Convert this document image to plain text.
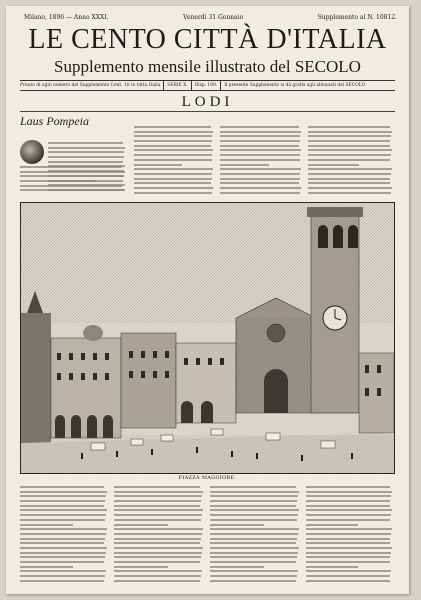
Milano, 1896 — Anno XXXI.	Venerdì 31 Gennaio	Supplemento al N. 10812.
LE CENTO CITTÀ D'ITALIA
Supplemento mensile illustrato del SECOLO
Prezzo di ogni numero del Supplemento Cent. 10 in tutta Italia SERIE X. Disp. 109. Il presente Supplemento si dà gratis agli abbonati del SECOLO
LODI
Laus Pompeia
PIAZZA MAGGIORE.
